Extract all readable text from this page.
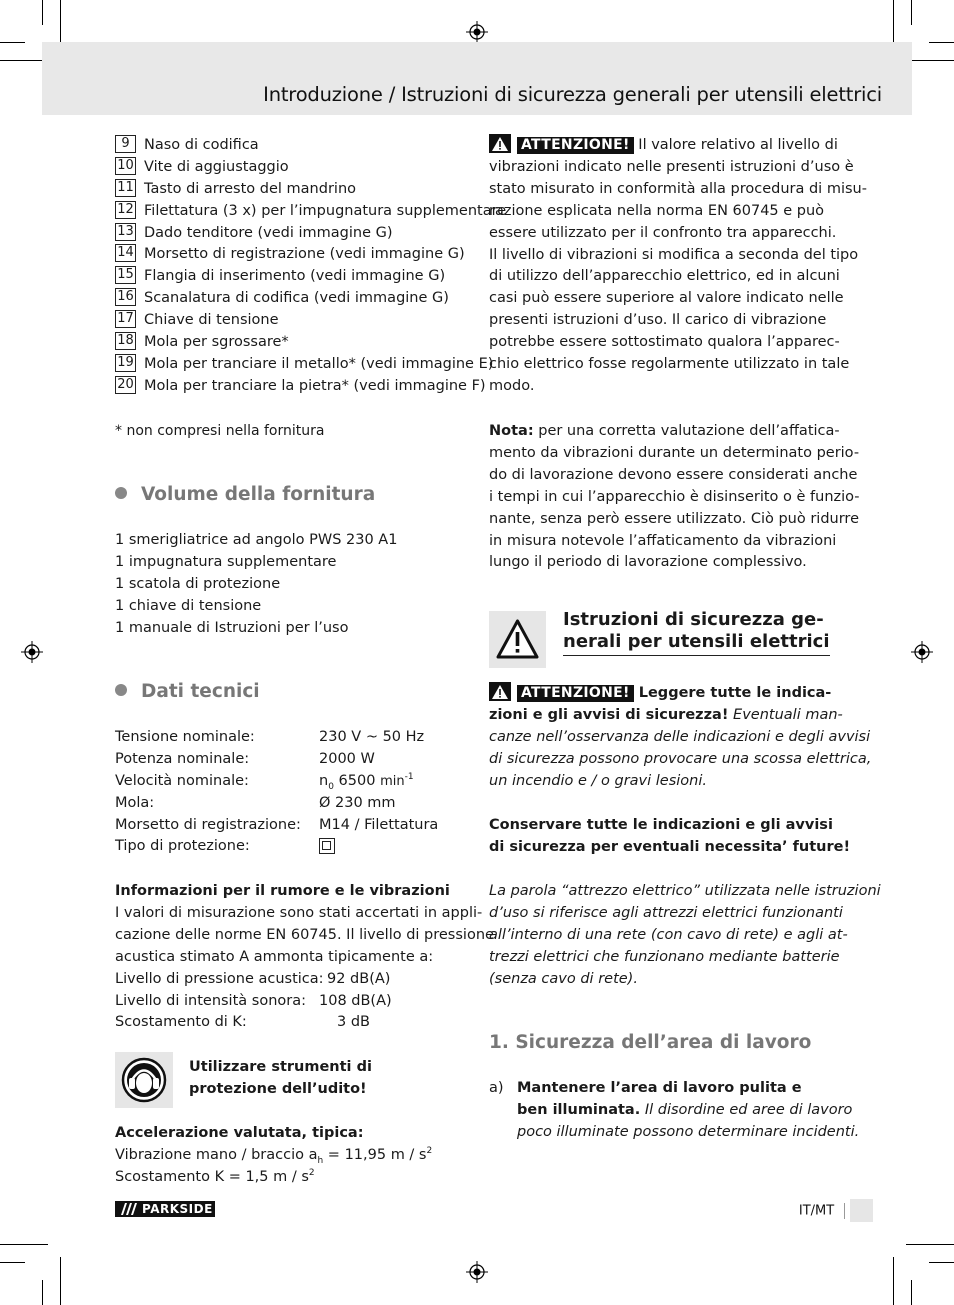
Introduzione / Istruzioni di sicurezza generali per utensili elettrici
9 Naso di codifica
10 Vite di aggiustaggio
11 Tasto di arresto del mandrino
12 Filettatura (3 x) per l’impugnatura supplementare
13 Dado tenditore (vedi immagine G)
14 Morsetto di registrazione (vedi immagine G)
15 Flangia di inserimento (vedi immagine G)
16 Scanalatura di codifica (vedi immagine G)
17 Chiave di tensione
18 Mola per sgrossare*
19 Mola per tranciare il metallo* (vedi immagine E)
20 Mola per tranciare la pietra* (vedi immagine F)
* non compresi nella fornitura
Volume della fornitura
1 smerigliatrice ad angolo PWS 230 A1
1 impugnatura supplementare
1 scatola di protezione
1 chiave di tensione
1 manuale di Istruzioni per l’uso
Dati tecnici
Tensione nominale:	230 V ~ 50 Hz
Potenza nominale:	2000 W
Velocità nominale:	$n_0$ 6500 $\min^{-1}$
Mola:	Ø 230 mm
Morsetto di registrazione: M14 / Filettatura
Tipo di protezione:
Informazioni per il rumore e le vibrazioni
I valori di misurazione sono stati accertati in appli-
cazione delle norme EN 60745. Il livello di pressione
acustica stimato A ammonta tipicamente a:
Livello di pressione acustica: 92 dB(A)
Livello di intensità sonora: 108 dB(A)
Scostamento di K:	3 dB
Utilizzare strumenti di
protezione dell’udito!
Accelerazione valutata, tipica:
Vibrazione mano / braccio $a_h = 11,95$ m / $s^2$
Scostamento K = 1,5 m / $s^2$
ATTENZIONE! Il valore relativo al livello di
vibrazioni indicato nelle presenti istruzioni d’uso è
stato misurato in conformità alla procedura di misu-
razione esplicata nella norma EN 60745 e può
essere utilizzato per il confronto tra apparecchi.
Il livello di vibrazioni si modifica a seconda del tipo
di utilizzo dell’apparecchio elettrico, ed in alcuni
casi può essere superiore al valore indicato nelle
presenti istruzioni d’uso. Il carico di vibrazione
potrebbe essere sottostimato qualora l’apparec-
chio elettrico fosse regolarmente utilizzato in tale
modo.
Nota: per una corretta valutazione dell’affatica-
mento da vibrazioni durante un determinato perio-
do di lavorazione devono essere considerati anche
i tempi in cui l’apparecchio è disinserito o è funzio-
nante, senza però essere utilizzato. Ciò può ridurre
in misura notevole l’affaticamento da vibrazioni
lungo il periodo di lavorazione complessivo.
Istruzioni di sicurezza ge-
nerali per utensili elettrici
ATTENZIONE! Leggere tutte le indica-
zioni e gli avvisi di sicurezza! Eventuali man-
canze nell’osservanza delle indicazioni e degli avvisi
di sicurezza possono provocare una scossa elettrica,
un incendio e / o gravi lesioni.
Conservare tutte le indicazioni e gli avvisi
di sicurezza per eventuali necessita’ future!
La parola “attrezzo elettrico” utilizzata nelle istruzioni
d’uso si riferisce agli attrezzi elettrici funzionanti
all’interno di una rete (con cavo di rete) e agli at-
trezzi elettrici che funzionano mediante batterie
(senza cavo di rete).
1. Sicurezza dell’area di lavoro
a) Mantenere l’area di lavoro pulita e
ben illuminata. Il disordine ed aree di lavoro
poco illuminate possono determinare incidenti.
PARKSIDE	IT/MT
